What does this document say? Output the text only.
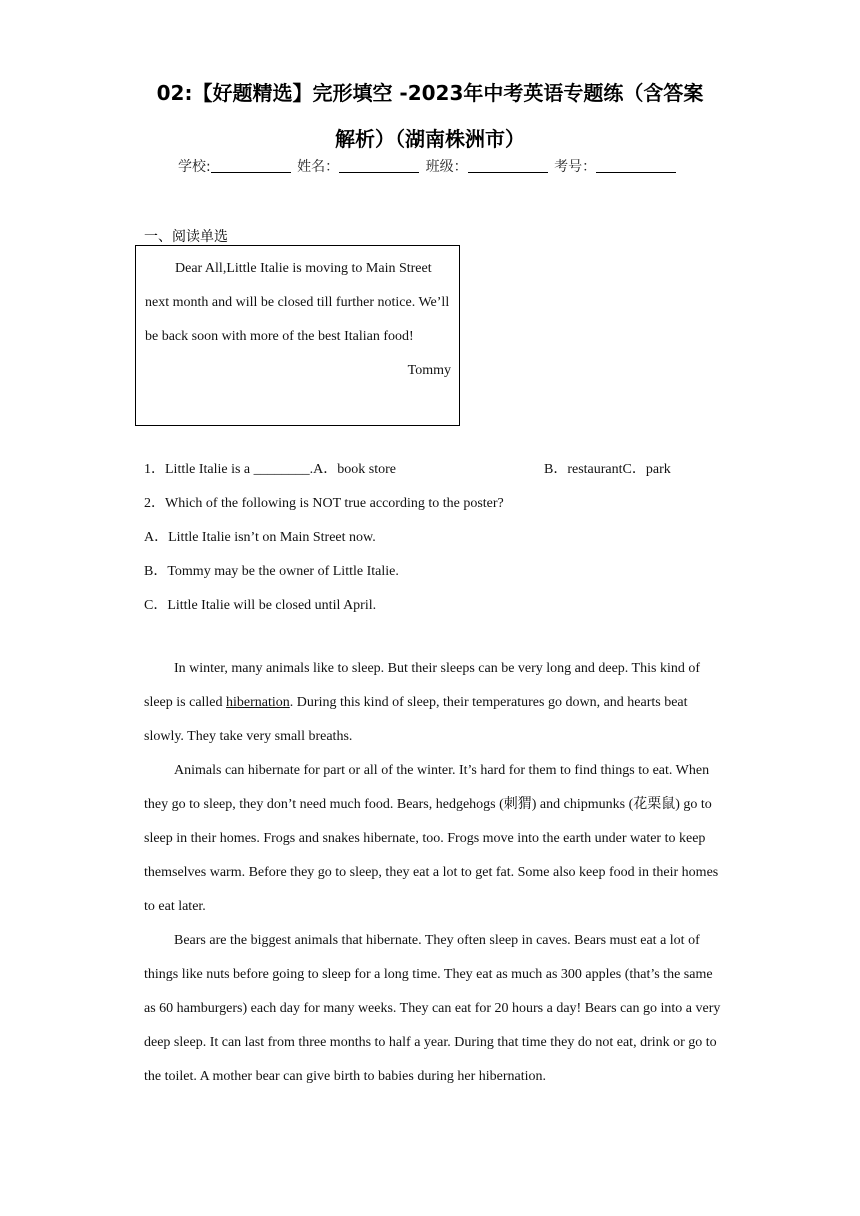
02:【好题精选】完形填空 -2023年中考英语专题练（含答案
解析）（湖南株洲市）
学校:	姓名：	班级：	考号：
一、阅读单选
Dear All,Little Italie is moving to Main Street next month and will be closed till further notice. We’ll be back soon with more of the best Italian food!
Tommy
1．Little Italie is a ________.A．book store	B．restaurantC．park
2．Which of the following is NOT true according to the poster?
A．Little Italie isn’t on Main Street now.
B．Tommy may be the owner of Little Italie.
C．Little Italie will be closed until April.
In winter, many animals like to sleep. But their sleeps can be very long and deep. This kind of sleep is called hibernation. During this kind of sleep, their temperatures go down, and hearts beat slowly. They take very small breaths.
Animals can hibernate for part or all of the winter. It’s hard for them to find things to eat. When they go to sleep, they don’t need much food. Bears, hedgehogs (刺猬) and chipmunks (花栗鼠) go to sleep in their homes. Frogs and snakes hibernate, too. Frogs move into the earth under water to keep themselves warm. Before they go to sleep, they eat a lot to get fat. Some also keep food in their homes to eat later.
Bears are the biggest animals that hibernate. They often sleep in caves. Bears must eat a lot of things like nuts before going to sleep for a long time. They eat as much as 300 apples (that’s the same as 60 hamburgers) each day for many weeks. They can eat for 20 hours a day! Bears can go into a very deep sleep. It can last from three months to half a year. During that time they do not eat, drink or go to the toilet. A mother bear can give birth to babies during her hibernation.
